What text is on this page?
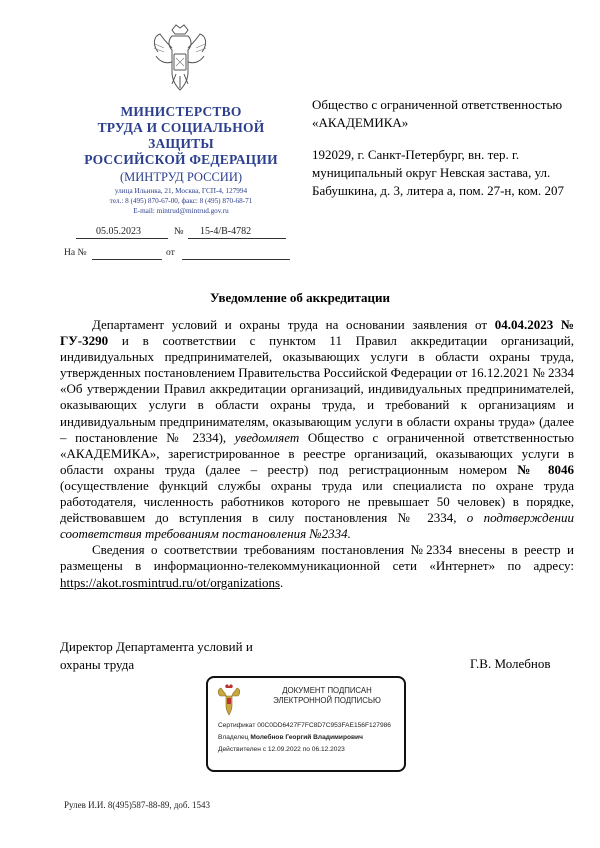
МИНИСТЕРСТВО
ТРУДА И СОЦИАЛЬНОЙ
ЗАЩИТЫ
РОССИЙСКОЙ ФЕДЕРАЦИИ
(МИНТРУД РОССИИ)
улица Ильинка, 21, Москва, ГСП-4, 127994
тел.: 8 (495) 870-67-00, факс: 8 (495) 870-68-71
E-mail: mintrud@mintrud.gov.ru
05.05.2023	№ 15-4/В-4782
На №	от

Общество с ограниченной ответственностью «АКАДЕМИКА»

192029, г. Санкт-Петербург, вн. тер. г. муниципальный округ Невская застава, ул. Бабушкина, д. 3, литера а, пом. 27-н, ком. 207

Уведомление об аккредитации

Департамент условий и охраны труда на основании заявления от 04.04.2023 № ГУ-3290 и в соответствии с пунктом 11 Правил аккредитации организаций, индивидуальных предпринимателей, оказывающих услуги в области охраны труда, утвержденных постановлением Правительства Российской Федерации от 16.12.2021 № 2334 «Об утверждении Правил аккредитации организаций, индивидуальных предпринимателей, оказывающих услуги в области охраны труда, и требований к организациям и индивидуальным предпринимателям, оказывающим услуги в области охраны труда» (далее – постановление № 2334), уведомляет Общество с ограниченной ответственностью «АКАДЕМИКА», зарегистрированное в реестре организаций, оказывающих услуги в области охраны труда (далее – реестр) под регистрационным номером № 8046 (осуществление функций службы охраны труда или специалиста по охране труда работодателя, численность работников которого не превышает 50 человек) в порядке, действовавшем до вступления в силу постановления № 2334, о подтверждении соответствия требованиям постановления №2334.

Сведения о соответствии требованиям постановления №2334 внесены в реестр и размещены в информационно-телекоммуникационной сети «Интернет» по адресу: https://akot.rosmintrud.ru/ot/organizations.

Директор Департамента условий и охраны труда	Г.В. Молебнов
ДОКУМЕНТ ПОДПИСАН
ЭЛЕКТРОННОЙ ПОДПИСЬЮ
Сертификат 00C0DD6427F7FC8D7C953FAE156F127986
Владелец Молебнов Георгий Владимирович
Действителен с 12.09.2022 по 06.12.2023
Рулев И.И. 8(495)587-88-89, доб. 1543
